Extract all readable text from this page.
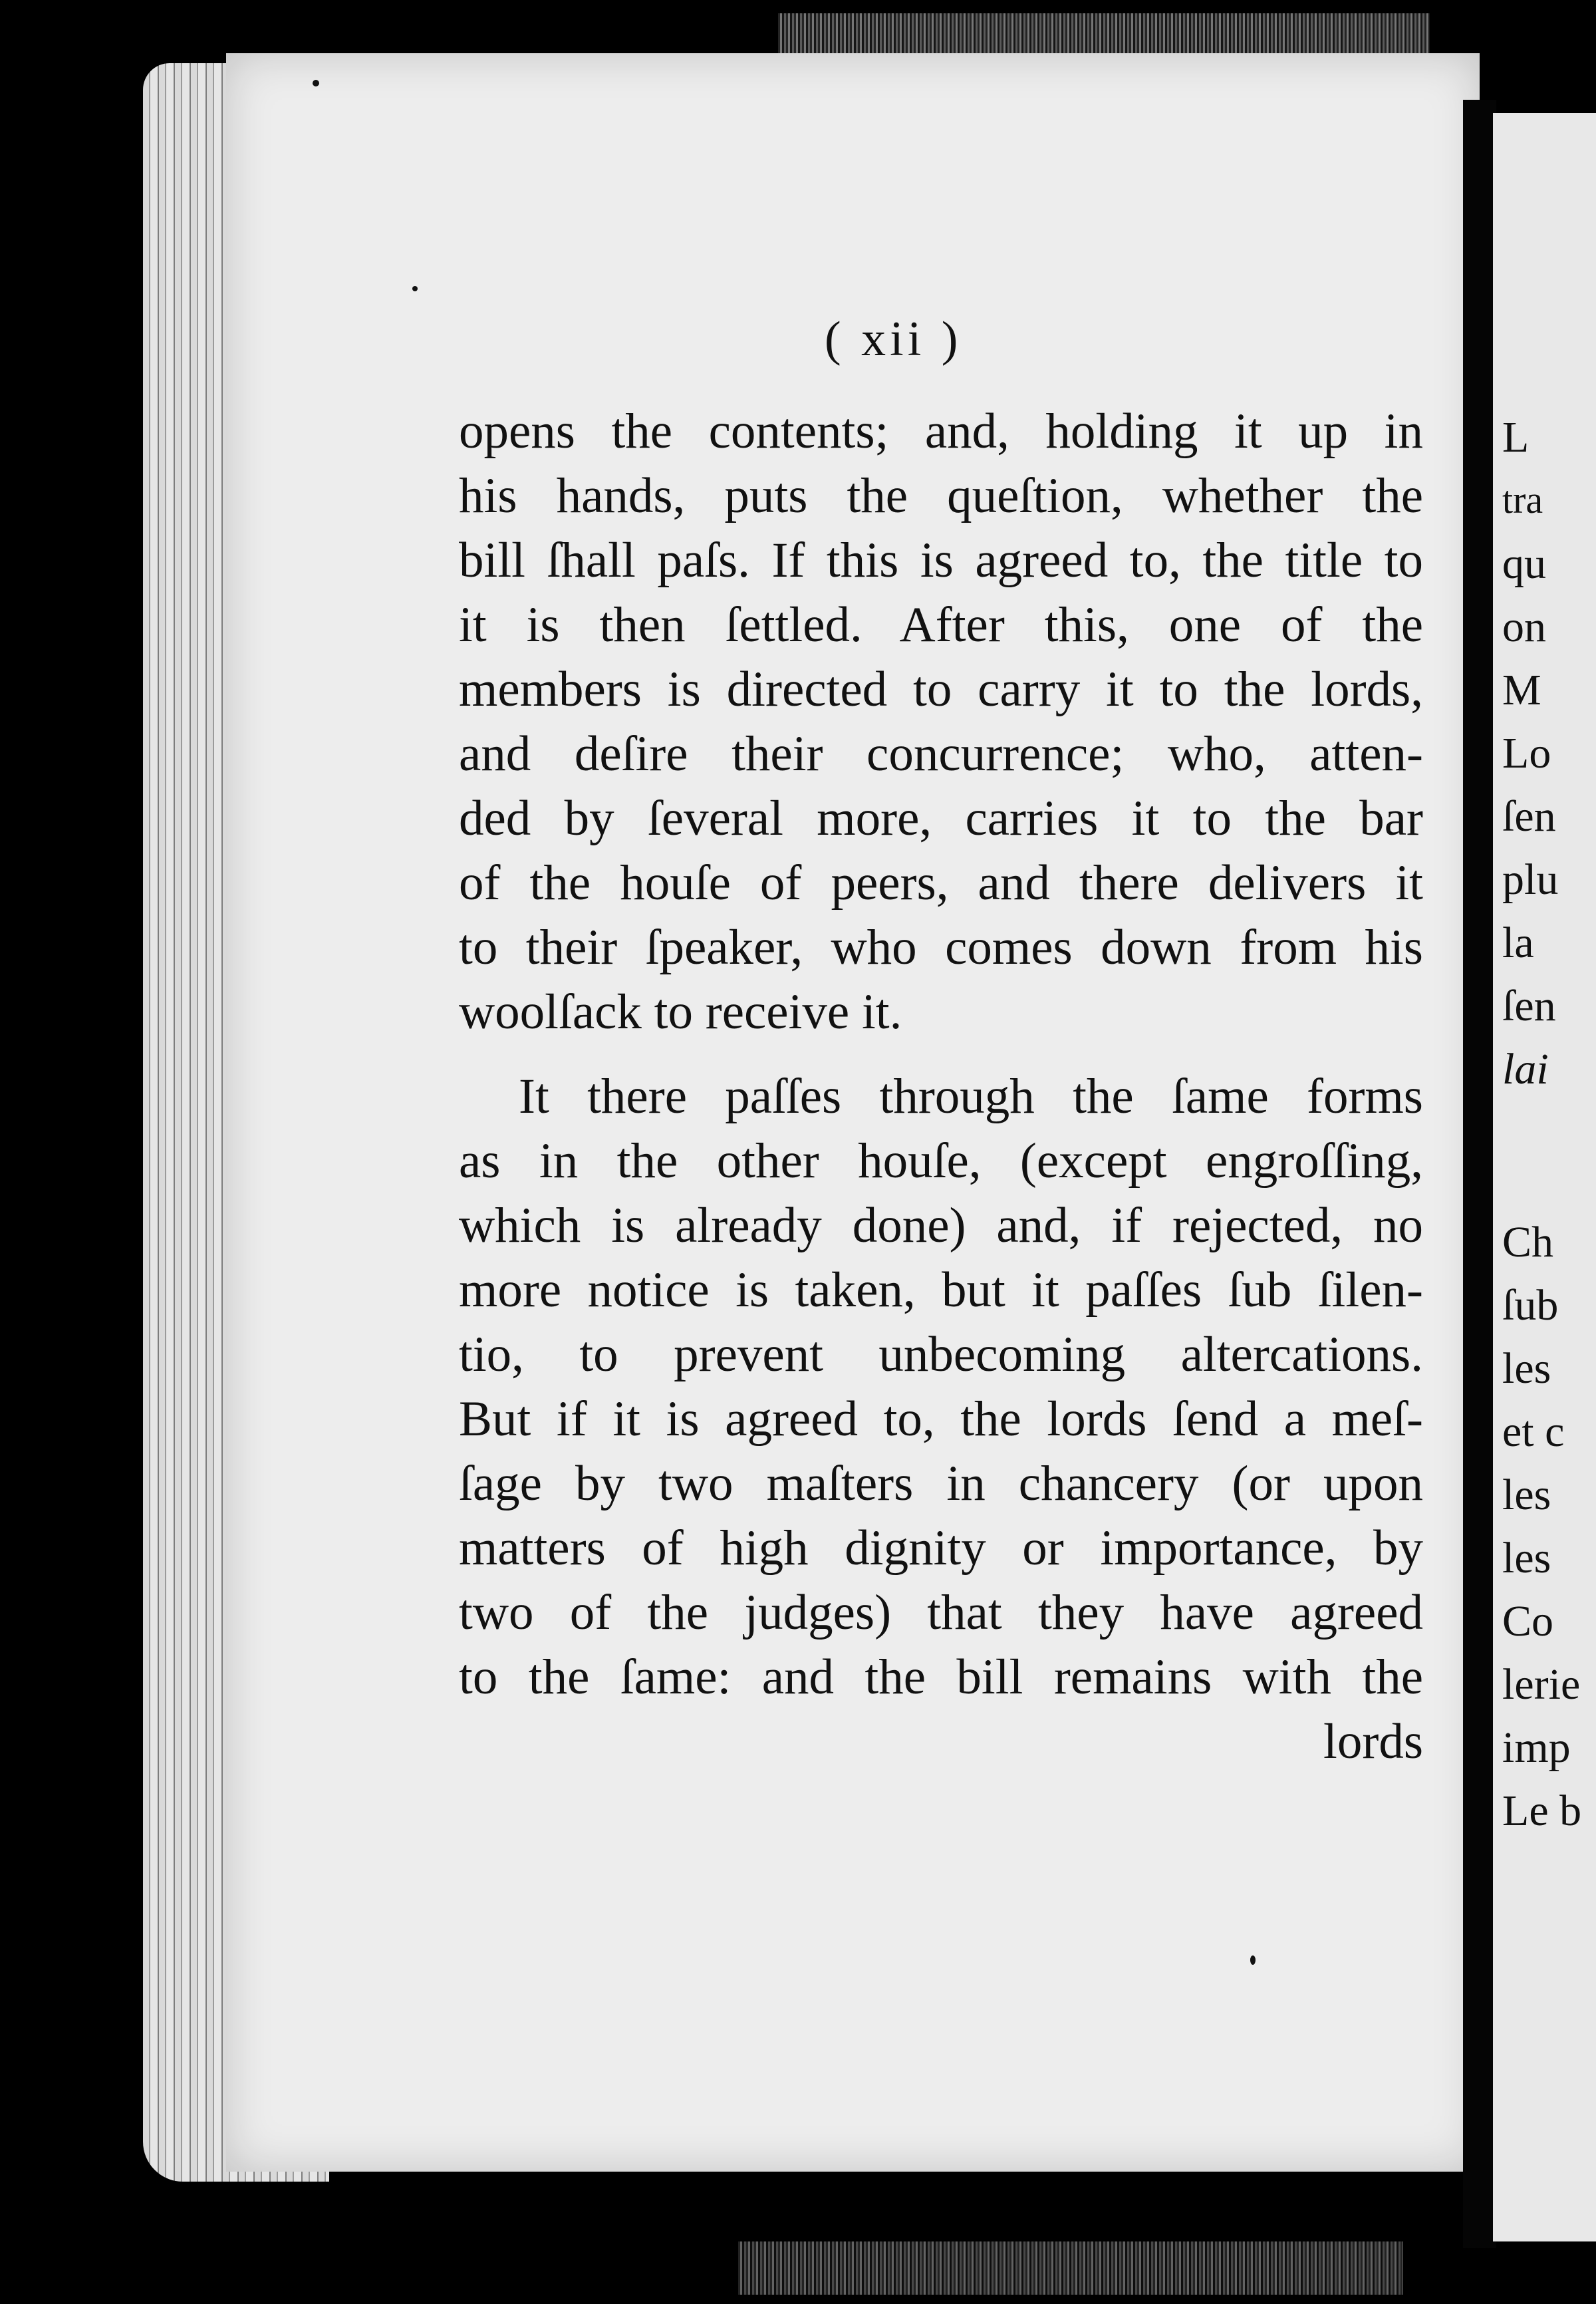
L
tra
qu
on
M
Lo
ſen
plu
la
ſen
lai
Ch
ſub
les
et c
les
les
Co
lerie
imp
Le b
( xii )
opens the contents; and, holding it up in
his hands, puts the queſtion, whether the
bill ſhall paſs. If this is agreed to, the title to
it is then ſettled. After this, one of the
members is directed to carry it to the lords,
and deſire their concurrence; who, atten-
ded by ſeveral more, carries it to the bar
of the houſe of peers, and there delivers it
to their ſpeaker, who comes down from his
woolſack to receive it.
It there paſſes through the ſame forms
as in the other houſe, (except engroſſing,
which is already done) and, if rejected, no
more notice is taken, but it paſſes ſub ſilen-
tio, to prevent unbecoming altercations.
But if it is agreed to, the lords ſend a meſ-
ſage by two maſters in chancery (or upon
matters of high dignity or importance, by
two of the judges) that they have agreed
to the ſame: and the bill remains with the
lords
